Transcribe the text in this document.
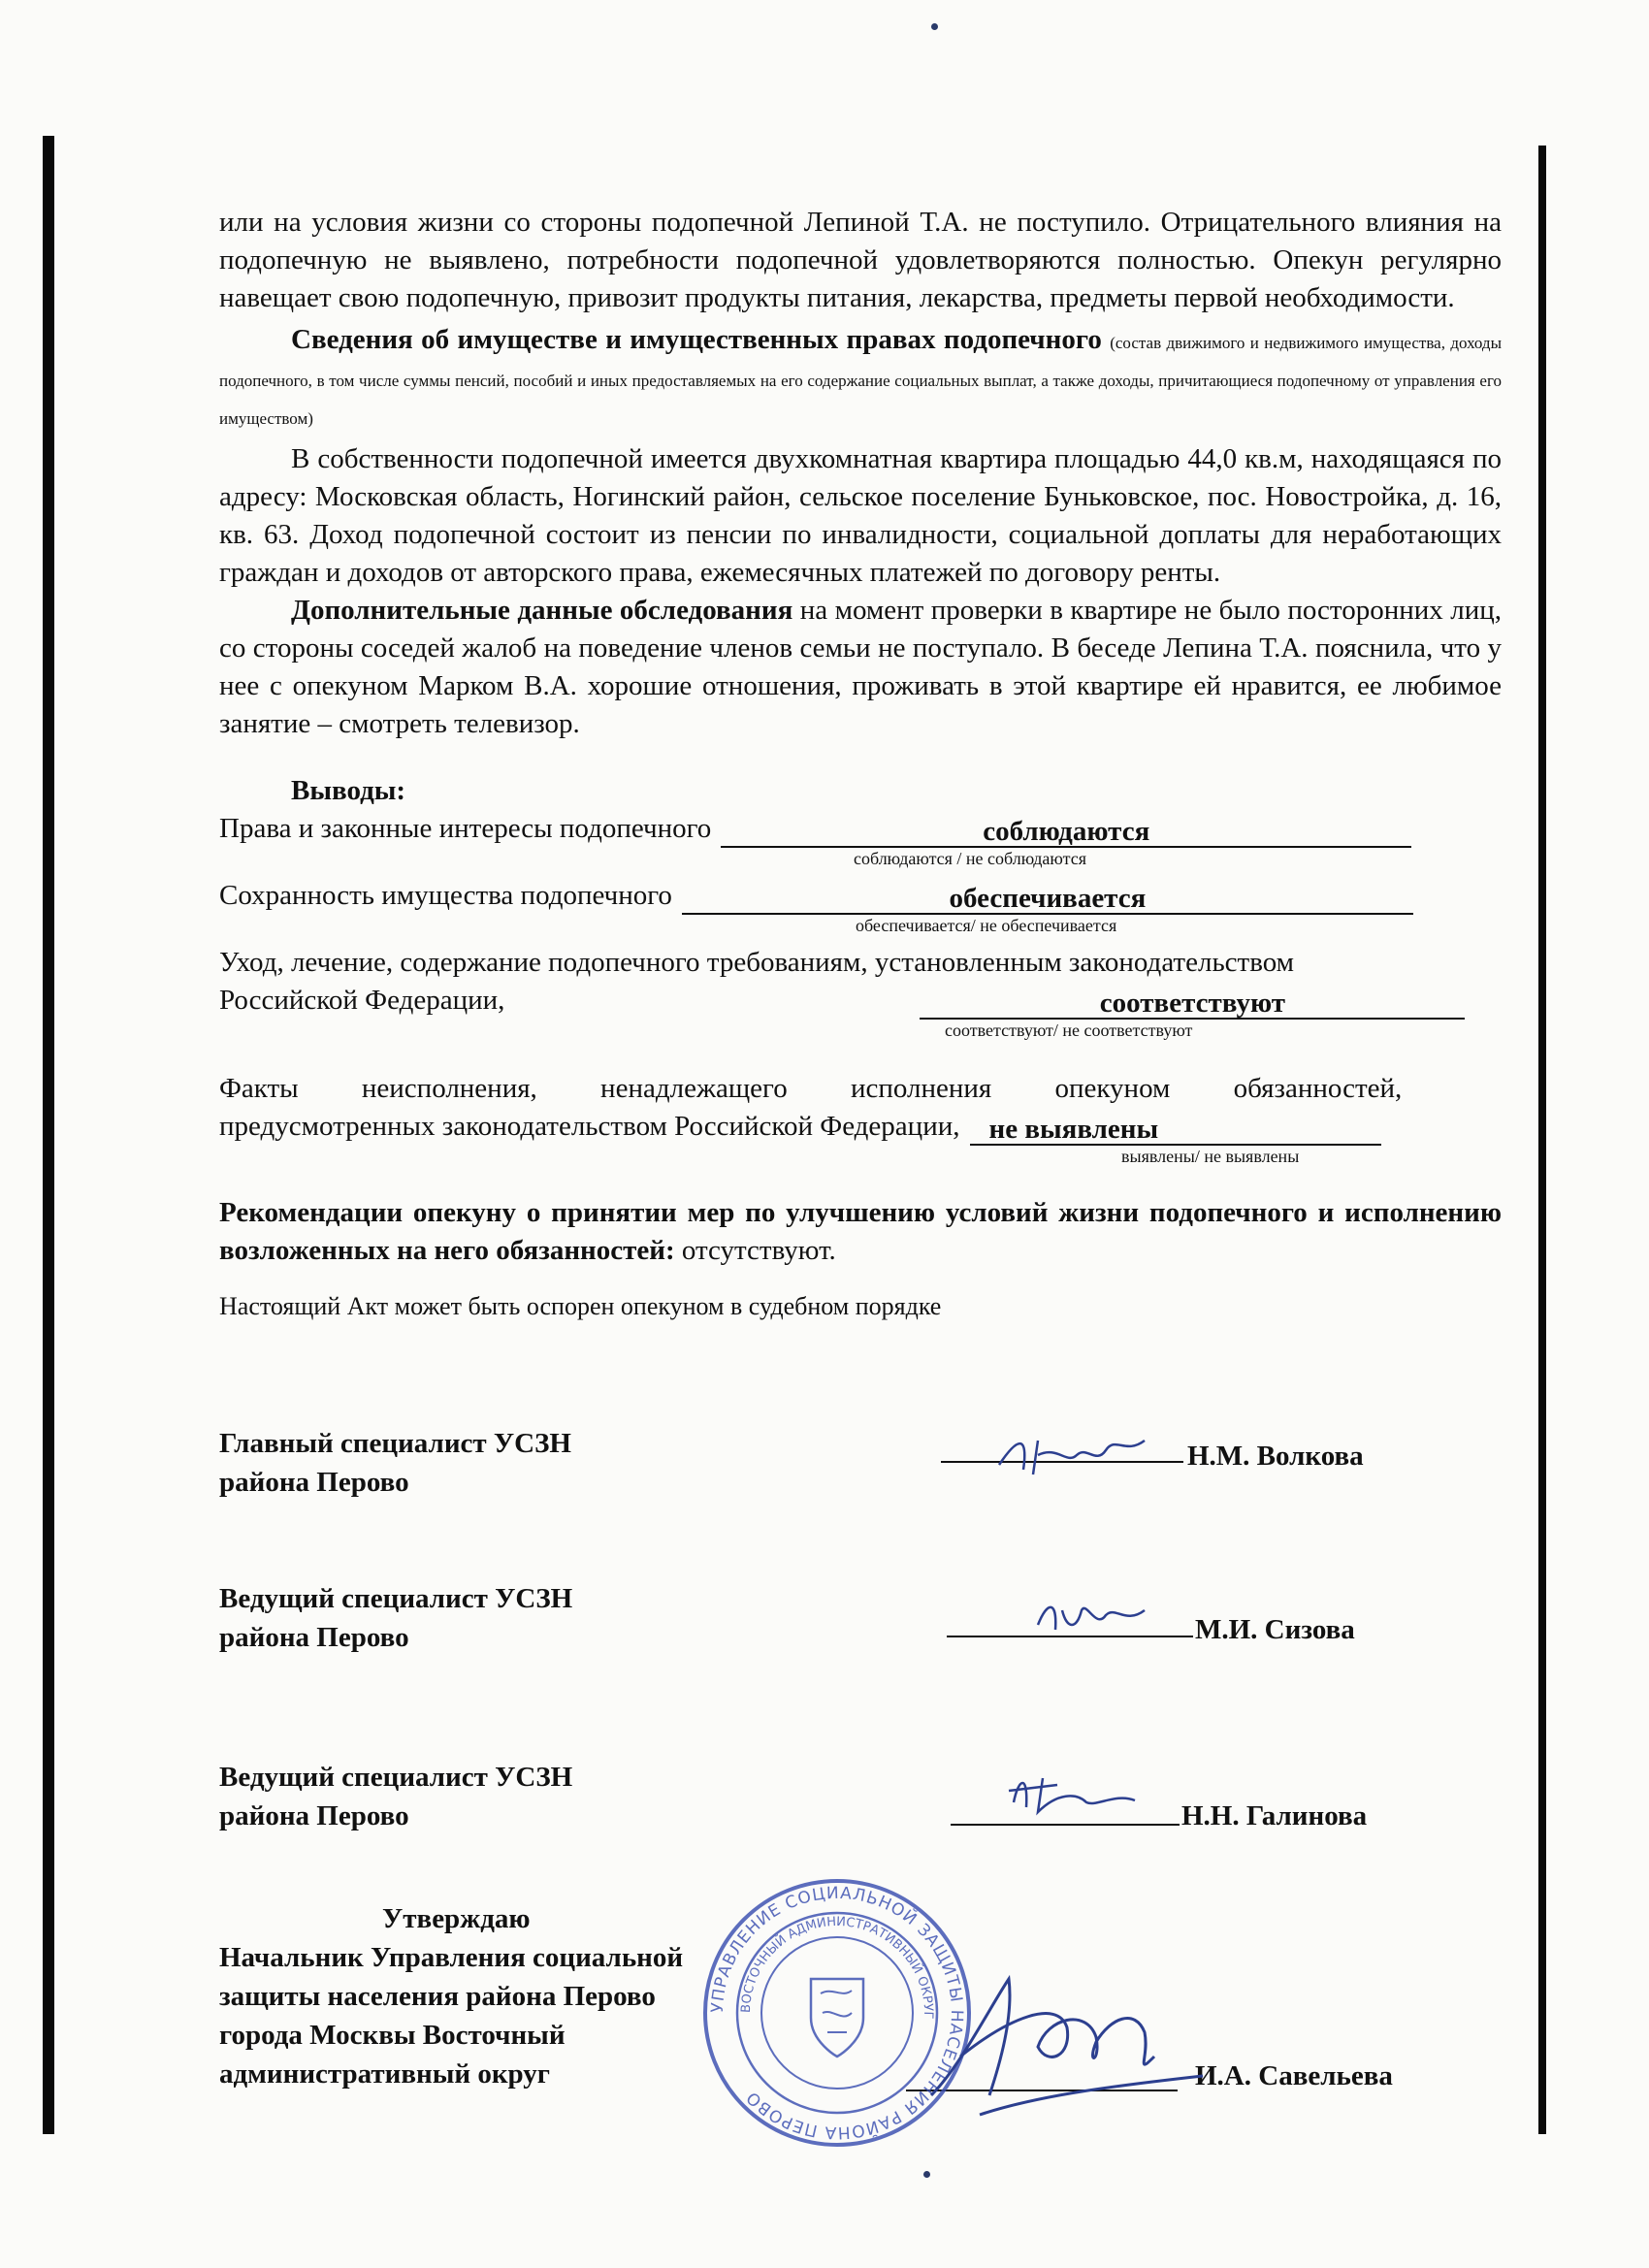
или на условия жизни со стороны подопечной Лепиной Т.А. не поступило. Отрицательного влияния на подопечную не выявлено, потребности подопечной удовлетворяются полностью. Опекун регулярно навещает свою подопечную, привозит продукты питания, лекарства, предметы первой необходимости.

Сведения об имуществе и имущественных правах подопечного (состав движимого и недвижимого имущества, доходы подопечного, в том числе суммы пенсий, пособий и иных предоставляемых на его содержание социальных выплат, а также доходы, причитающиеся подопечному от управления его имуществом)

В собственности подопечной имеется двухкомнатная квартира площадью 44,0 кв.м, находящаяся по адресу: Московская область, Ногинский район, сельское поселение Буньковское, пос. Новостройка, д. 16, кв. 63. Доход подопечной состоит из пенсии по инвалидности, социальной доплаты для неработающих граждан и доходов от авторского права, ежемесячных платежей по договору ренты.

Дополнительные данные обследования на момент проверки в квартире не было посторонних лиц, со стороны соседей жалоб на поведение членов семьи не поступало. В беседе Лепина Т.А. пояснила, что у нее с опекуном Марком В.А. хорошие отношения, проживать в этой квартире ей нравится, ее любимое занятие – смотреть телевизор.

Выводы:
Права и законные интересы подопечного	соблюдаются
соблюдаются / не соблюдаются
Сохранность имущества подопечного	обеспечивается
обеспечивается/ не обеспечивается
Уход, лечение, содержание подопечного требованиям, установленным законодательством
Российской Федерации,	соответствуют
соответствуют/ не соответствуют
Факты неисполнения, ненадлежащего исполнения опекуном обязанностей,
предусмотренных законодательством Российской Федерации,	не выявлены
выявлены/ не выявлены

Рекомендации опекуну о принятии мер по улучшению условий жизни подопечного и исполнению возложенных на него обязанностей: отсутствуют.

Настоящий Акт может быть оспорен опекуном в судебном порядке
Главный специалист УСЗН
района Перово
Н.М. Волкова
Ведущий специалист УСЗН
района Перово	М.И. Сизова
Ведущий специалист УСЗН
района Перово	Н.Н. Галинова
Утверждаю
Начальник Управления социальной
защиты населения района Перово
города Москвы Восточный
административный округ	И.А. Савельева
УПРАВЛЕНИЕ СОЦИАЛЬНОЙ ЗАЩИТЫ НАСЕЛЕНИЯ РАЙОНА ПЕРОВО
ВОСТОЧНЫЙ АДМИНИСТРАТИВНЫЙ ОКРУГ
